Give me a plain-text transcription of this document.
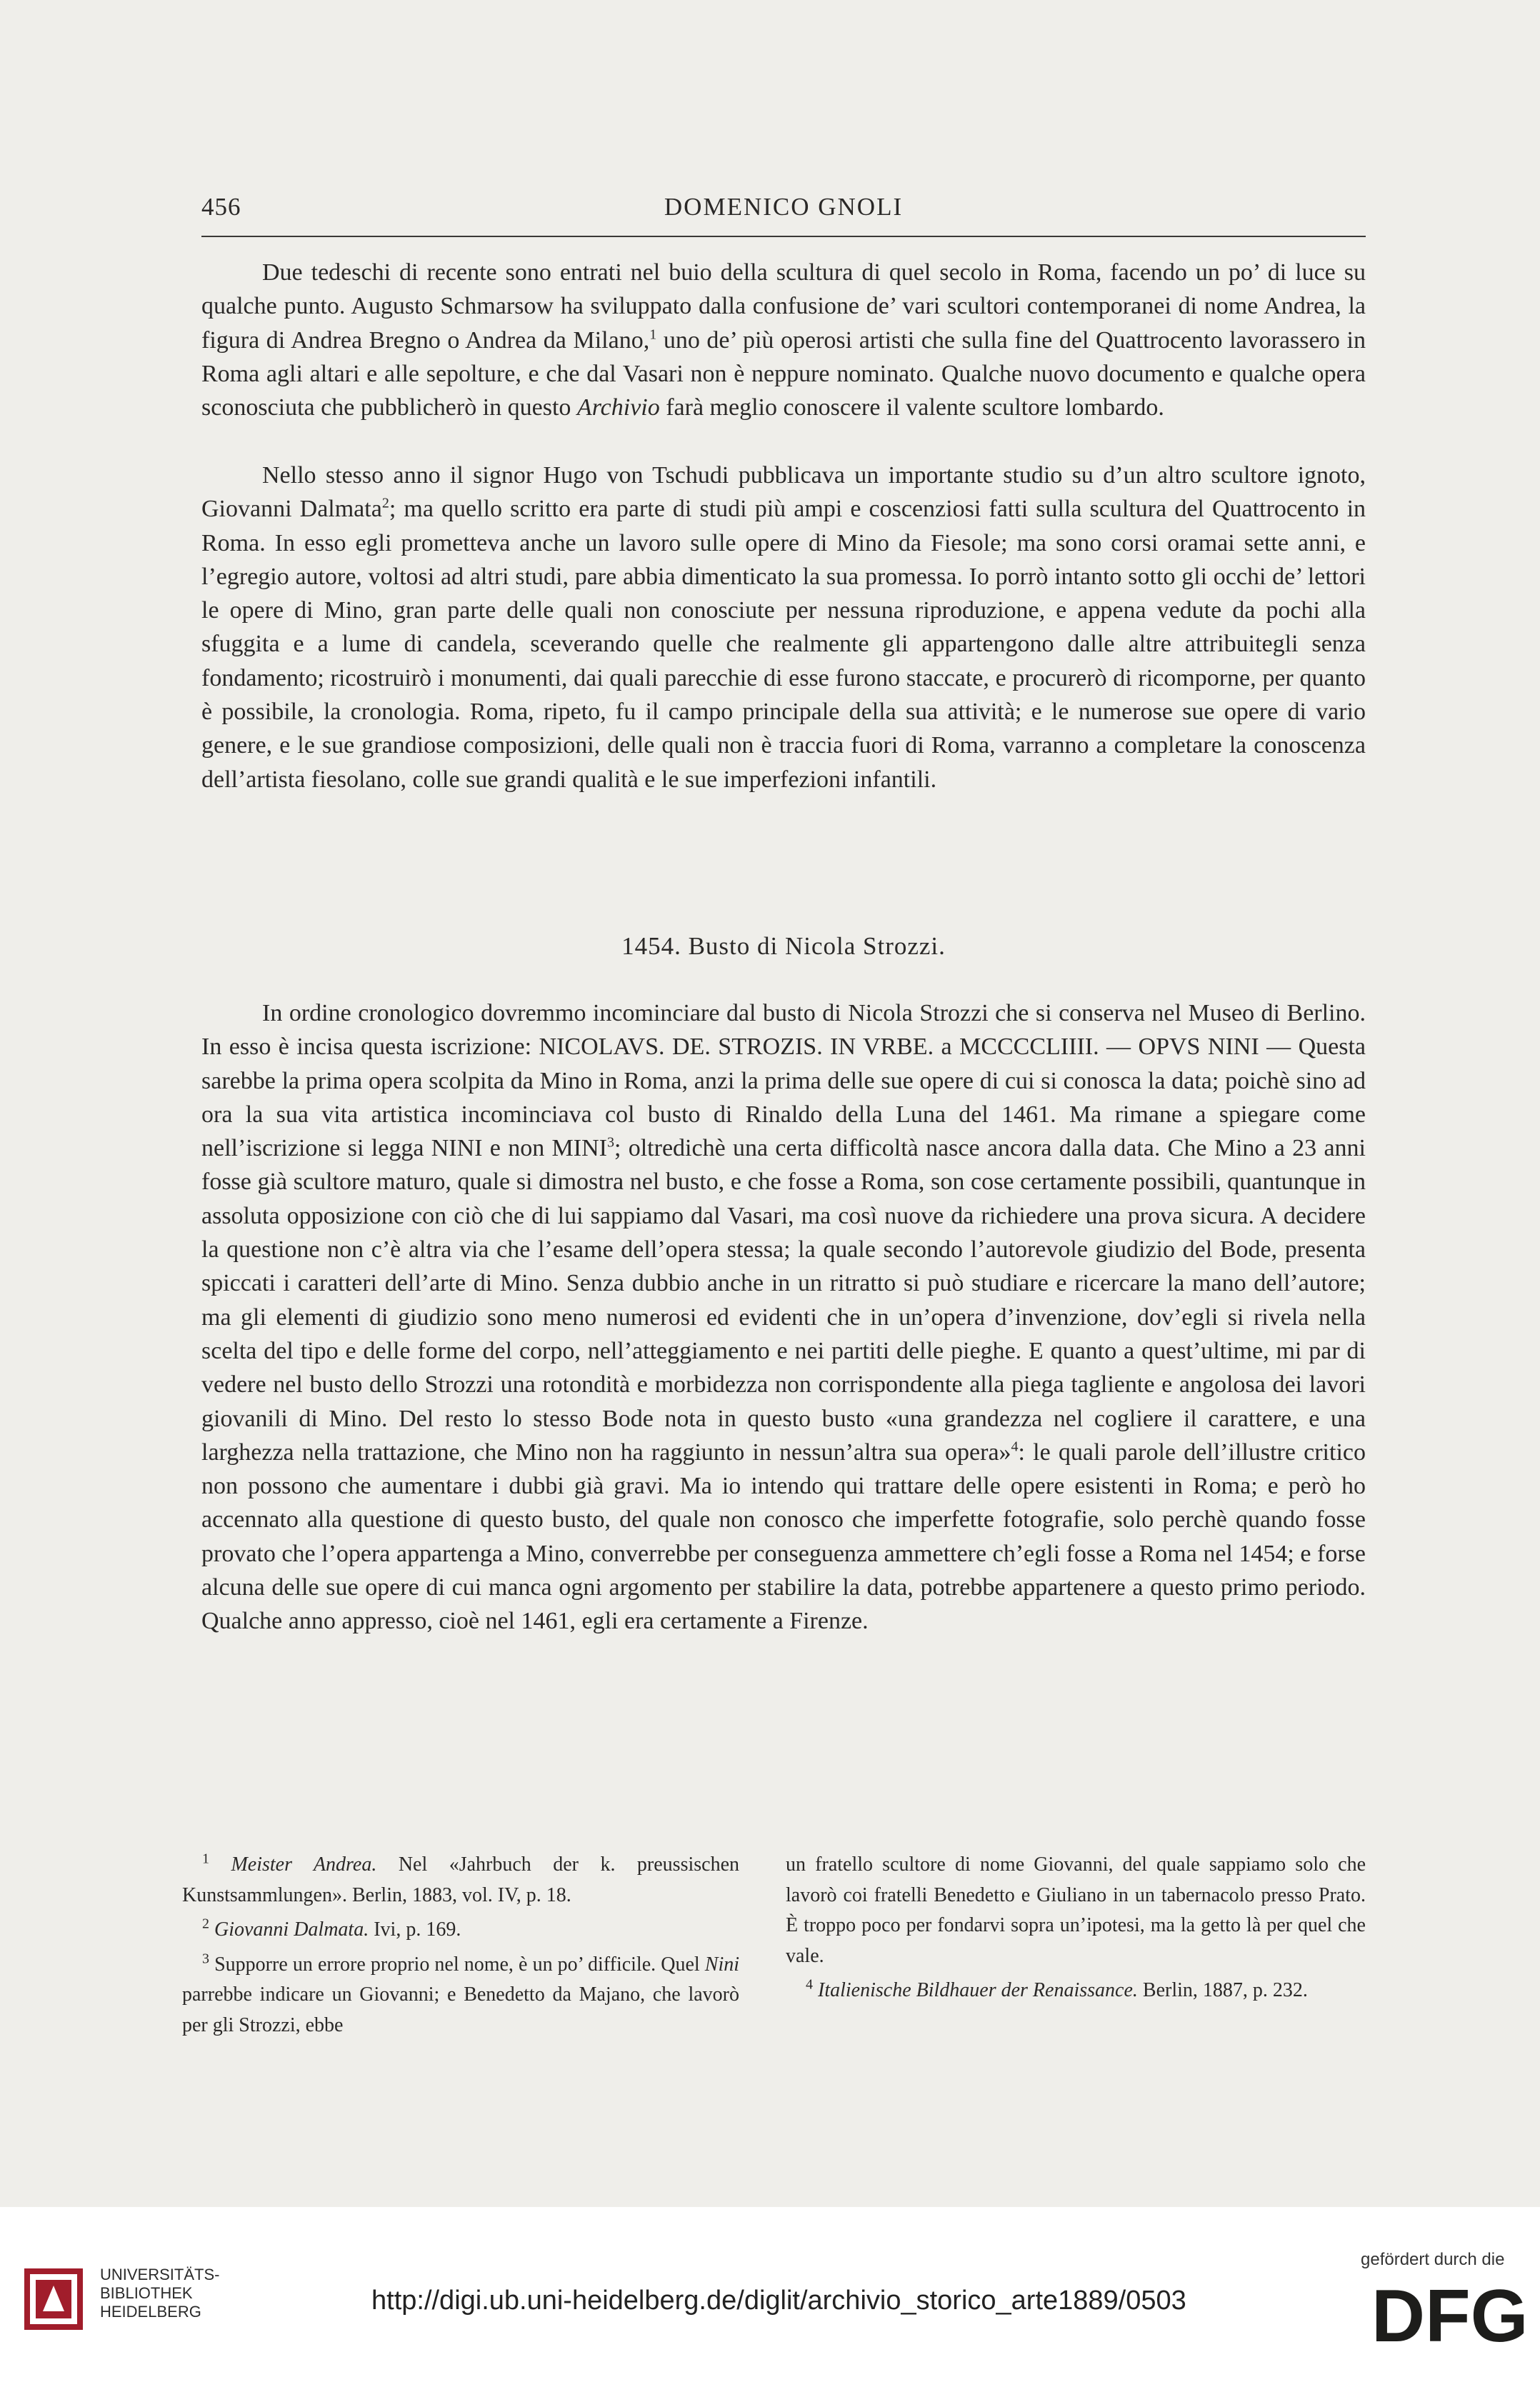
456	DOMENICO GNOLI

Due tedeschi di recente sono entrati nel buio della scultura di quel secolo in Roma, facendo un po’ di luce su qualche punto. Augusto Schmarsow ha sviluppato dalla confusione de’ vari scultori contemporanei di nome Andrea, la figura di Andrea Bregno o Andrea da Milano,$^1$ uno de’ più operosi artisti che sulla fine del Quattrocento lavorassero in Roma agli altari e alle sepolture, e che dal Vasari non è neppure nominato. Qualche nuovo documento e qualche opera sconosciuta che pubblicherò in questo Archivio farà meglio conoscere il valente scultore lombardo.

Nello stesso anno il signor Hugo von Tschudi pubblicava un importante studio su d’un altro scultore ignoto, Giovanni Dalmata$^2$; ma quello scritto era parte di studi più ampi e coscenziosi fatti sulla scultura del Quattrocento in Roma. In esso egli prometteva anche un lavoro sulle opere di Mino da Fiesole; ma sono corsi oramai sette anni, e l’egregio autore, voltosi ad altri studi, pare abbia dimenticato la sua promessa. Io porrò intanto sotto gli occhi de’ lettori le opere di Mino, gran parte delle quali non conosciute per nessuna riproduzione, e appena vedute da pochi alla sfuggita e a lume di candela, sceverando quelle che realmente gli appartengono dalle altre attribuitegli senza fondamento; ricostruirò i monumenti, dai quali parecchie di esse furono staccate, e procurerò di ricomporne, per quanto è possibile, la cronologia. Roma, ripeto, fu il campo principale della sua attività; e le numerose sue opere di vario genere, e le sue grandiose composizioni, delle quali non è traccia fuori di Roma, varranno a completare la conoscenza dell’artista fiesolano, colle sue grandi qualità e le sue imperfezioni infantili.

1454. Busto di Nicola Strozzi.

In ordine cronologico dovremmo incominciare dal busto di Nicola Strozzi che si conserva nel Museo di Berlino. In esso è incisa questa iscrizione: NICOLAVS. DE. STROZIS. IN VRBE. a MCCCCLIIII. — OPVS NINI — Questa sarebbe la prima opera scolpita da Mino in Roma, anzi la prima delle sue opere di cui si conosca la data; poichè sino ad ora la sua vita artistica incominciava col busto di Rinaldo della Luna del 1461. Ma rimane a spiegare come nell’iscrizione si legga NINI e non MINI$^3$; oltredichè una certa difficoltà nasce ancora dalla data. Che Mino a 23 anni fosse già scultore maturo, quale si dimostra nel busto, e che fosse a Roma, son cose certamente possibili, quantunque in assoluta opposizione con ciò che di lui sappiamo dal Vasari, ma così nuove da richiedere una prova sicura. A decidere la questione non c’è altra via che l’esame dell’opera stessa; la quale secondo l’autorevole giudizio del Bode, presenta spiccati i caratteri dell’arte di Mino. Senza dubbio anche in un ritratto si può studiare e ricercare la mano dell’autore; ma gli elementi di giudizio sono meno numerosi ed evidenti che in un’opera d’invenzione, dov’egli si rivela nella scelta del tipo e delle forme del corpo, nell’atteggiamento e nei partiti delle pieghe. E quanto a quest’ultime, mi par di vedere nel busto dello Strozzi una rotondità e morbidezza non corrispondente alla piega tagliente e angolosa dei lavori giovanili di Mino. Del resto lo stesso Bode nota in questo busto «una grandezza nel cogliere il carattere, e una larghezza nella trattazione, che Mino non ha raggiunto in nessun’altra sua opera»$^4$: le quali parole dell’illustre critico non possono che aumentare i dubbi già gravi. Ma io intendo qui trattare delle opere esistenti in Roma; e però ho accennato alla questione di questo busto, del quale non conosco che imperfette fotografie, solo perchè quando fosse provato che l’opera appartenga a Mino, converrebbe per conseguenza ammettere ch’egli fosse a Roma nel 1454; e forse alcuna delle sue opere di cui manca ogni argomento per stabilire la data, potrebbe appartenere a questo primo periodo. Qualche anno appresso, cioè nel 1461, egli era certamente a Firenze.

$^1$ Meister Andrea. Nel «Jahrbuch der k. preussischen Kunstsammlungen». Berlin, 1883, vol. IV, p. 18.

$^2$ Giovanni Dalmata. Ivi, p. 169.

$^3$ Supporre un errore proprio nel nome, è un po’ difficile. Quel Nini parrebbe indicare un Giovanni; e Benedetto da Majano, che lavorò per gli Strozzi, ebbe

un fratello scultore di nome Giovanni, del quale sappiamo solo che lavorò coi fratelli Benedetto e Giuliano in un tabernacolo presso Prato. È troppo poco per fondarvi sopra un’ipotesi, ma la getto là per quel che vale.

$^4$ Italienische Bildhauer der Renaissance. Berlin, 1887, p. 232.

UNIVERSITÄTS-
BIBLIOTHEK
HEIDELBERG	http://digi.ub.uni-heidelberg.de/diglit/archivio_storico_arte1889/0503
gefördert durch die
DFG
